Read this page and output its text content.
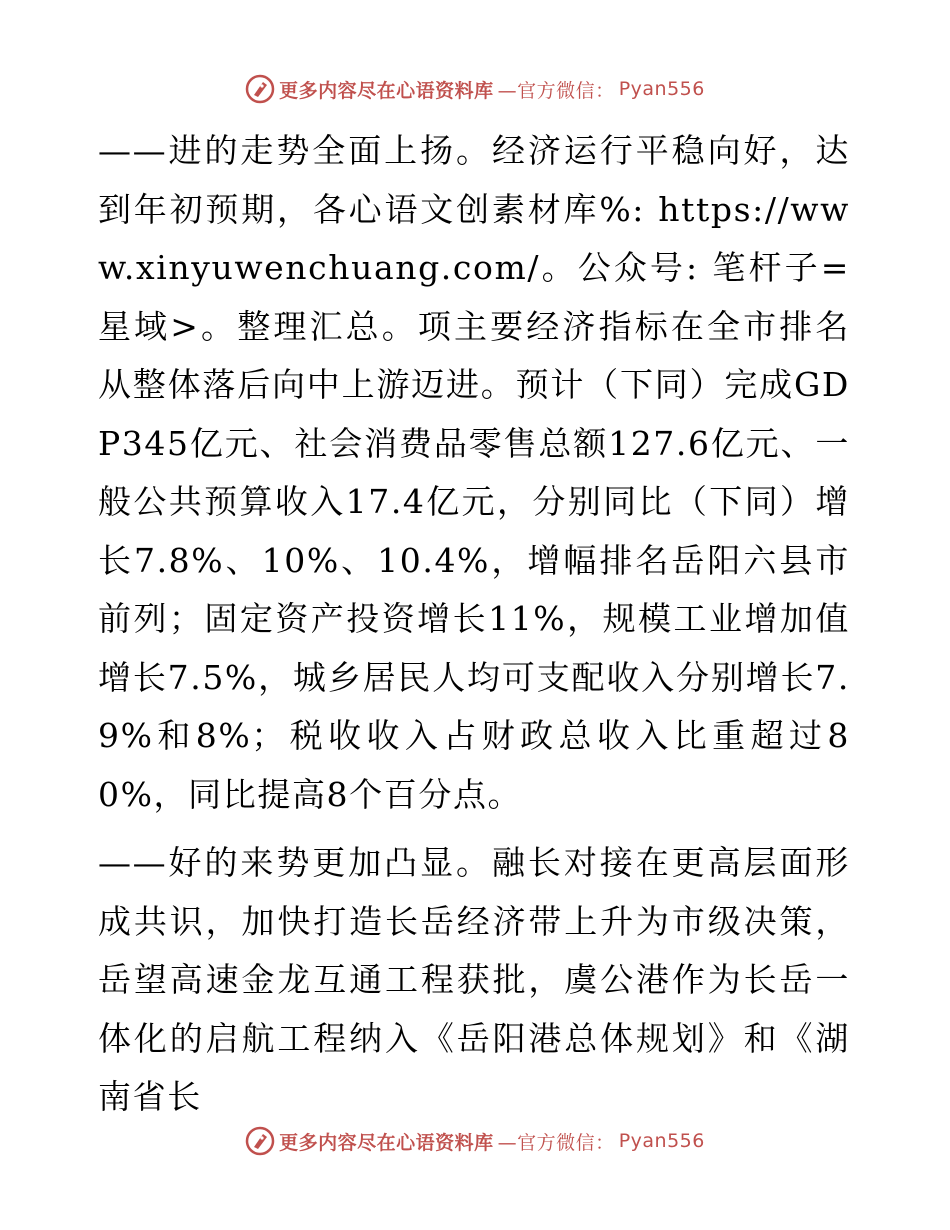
更多内容尽在心语资料库 —官方微信： Pyan556

——进的走势全面上扬。经济运行平稳向好，达到年初预期，各心语文创素材库%: https://www.xinyuwenchuang.com/。公众号: 笔杆子=星域>。整理汇总。项主要经济指标在全市排名从整体落后向中上游迈进。预计（下同）完成GDP345亿元、社会消费品零售总额127.6亿元、一般公共预算收入17.4亿元，分别同比（下同）增长7.8%、10%、10.4%，增幅排名岳阳六县市前列；固定资产投资增长11%，规模工业增加值增长7.5%，城乡居民人均可支配收入分别增长7.9%和8%；税收收入占财政总收入比重超过80%，同比提高8个百分点。

——好的来势更加凸显。融长对接在更高层面形成共识，加快打造长岳经济带上升为市级决策，岳望高速金龙互通工程获批，虞公港作为长岳一体化的启航工程纳入《岳阳港总体规划》和《湖南省长

更多内容尽在心语资料库 —官方微信： Pyan556
